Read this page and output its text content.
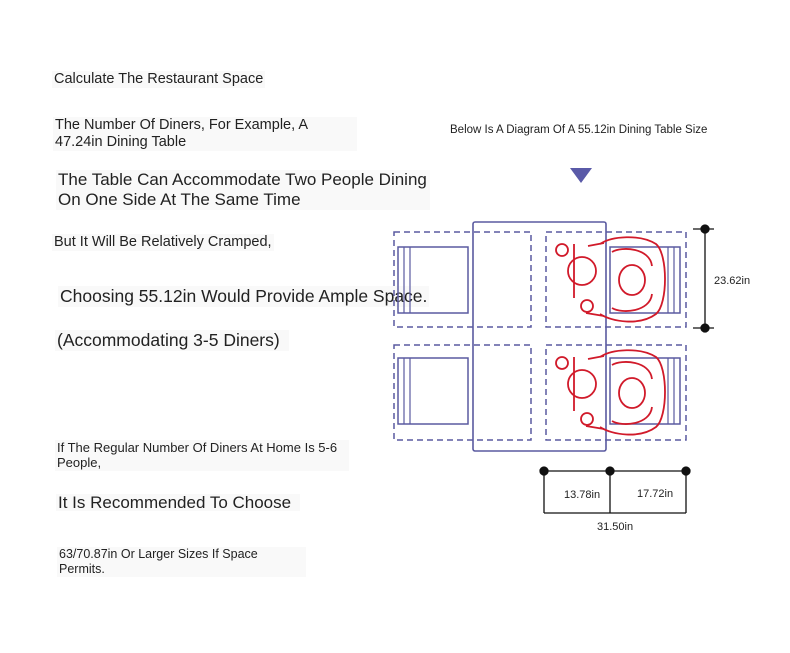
Calculate The Restaurant Space
The Number Of Diners, For Example, A 47.24in Dining Table
The Table Can Accommodate Two People Dining On One Side At The Same Time
But It Will Be Relatively Cramped,
Choosing 55.12in Would Provide Ample Space.
(Accommodating 3-5 Diners)
If The Regular Number Of Diners At Home Is 5-6 People,
It Is Recommended To Choose
63/70.87in Or Larger Sizes If Space Permits.
Below Is A Diagram Of A 55.12in Dining Table Size
23.62in
13.78in	17.72in
31.50in
